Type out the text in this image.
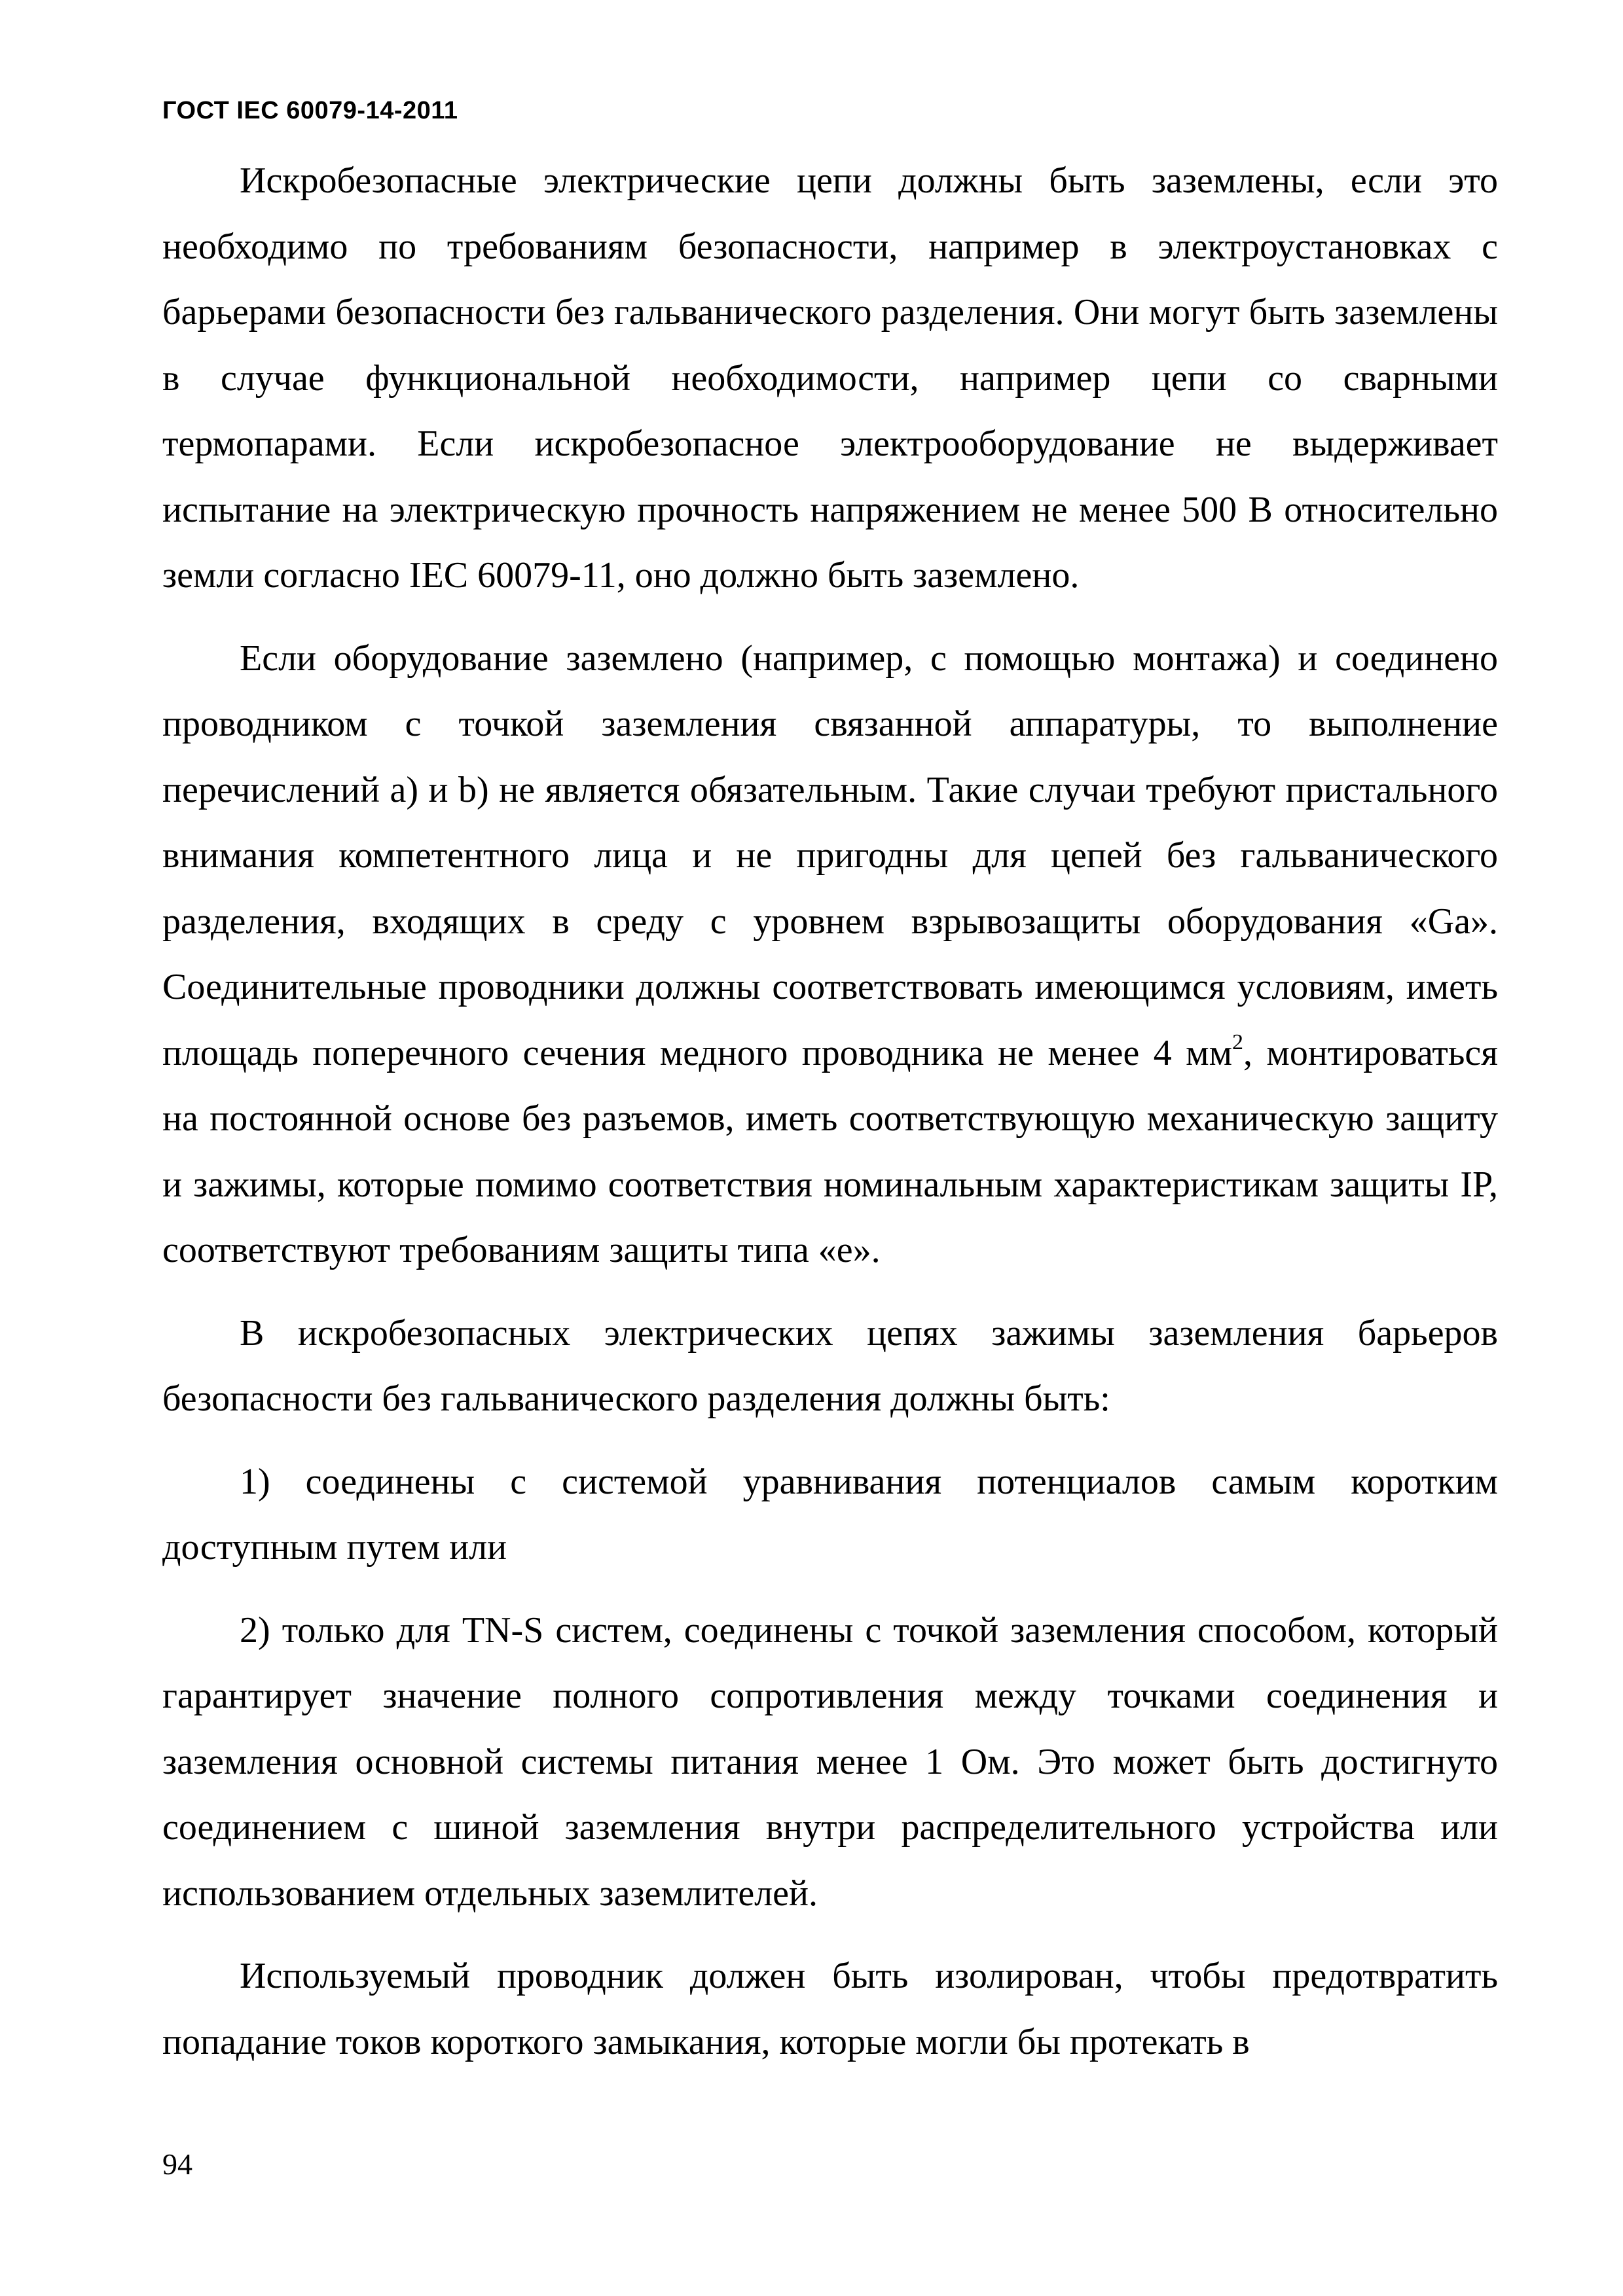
ГОСТ IEC 60079-14-2011

Искробезопасные электрические цепи должны быть заземлены, если это необходимо по требованиям безопасности, например в электроустановках с барьерами безопасности без гальванического разделения. Они могут быть заземлены в случае функциональной необходимости, например цепи со сварными термопарами. Если искробезопасное электрооборудование не выдерживает испытание на электрическую прочность напряжением не менее 500 В относительно земли согласно IEC 60079-11, оно должно быть заземлено.

Если оборудование заземлено (например, с помощью монтажа) и соединено проводником с точкой заземления связанной аппаратуры, то выполнение перечислений a) и b) не является обязательным. Такие случаи требуют пристального внимания компетентного лица и не пригодны для цепей без гальванического разделения, входящих в среду с уровнем взрывозащиты оборудования «Ga». Соединительные проводники должны соответствовать имеющимся условиям, иметь площадь поперечного сечения медного проводника не менее 4 $мм^2$, монтироваться на постоянной основе без разъемов, иметь соответствующую механическую защиту и зажимы, которые помимо соответствия номинальным характеристикам защиты IP, соответствуют требованиям защиты типа «e».

В искробезопасных электрических цепях зажимы заземления барьеров безопасности без гальванического разделения должны быть:

1) соединены с системой уравнивания потенциалов самым коротким доступным путем или

2) только для TN-S систем, соединены с точкой заземления способом, который гарантирует значение полного сопротивления между точками соединения и заземления основной системы питания менее 1 Ом. Это может быть достигнуто соединением с шиной заземления внутри распределительного устройства или использованием отдельных заземлителей.

Используемый проводник должен быть изолирован, чтобы предотвратить попадание токов короткого замыкания, которые могли бы протекать в

94
